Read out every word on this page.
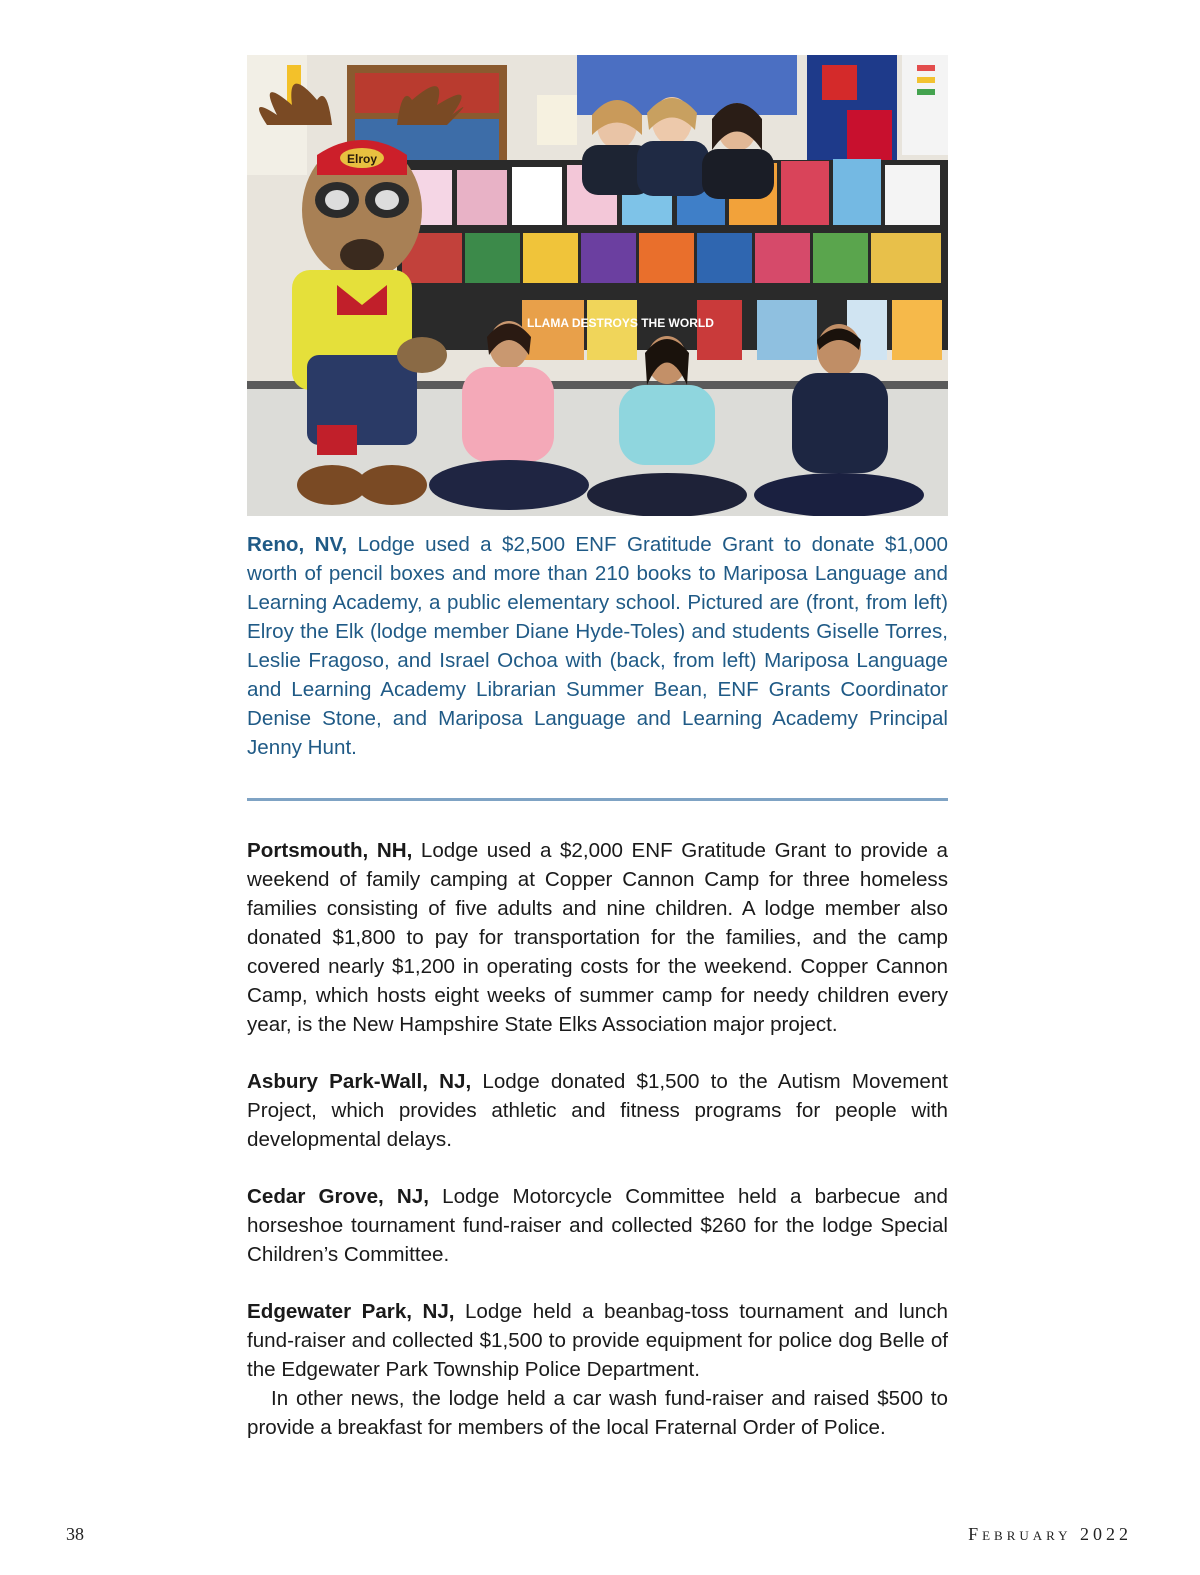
LLAMA DESTROYS THE WORLD
Elroy

Reno, NV, Lodge used a $2,500 ENF Gratitude Grant to donate $1,000 worth of pencil boxes and more than 210 books to Mariposa Language and Learning Academy, a public elementary school. Pictured are (front, from left) Elroy the Elk (lodge member Diane Hyde-Toles) and students Giselle Torres, Leslie Fragoso, and Israel Ochoa with (back, from left) Mariposa Language and Learning Academy Librarian Summer Bean, ENF Grants Coordinator Denise Stone, and Mariposa Language and Learning Academy Principal Jenny Hunt.

Portsmouth, NH, Lodge used a $2,000 ENF Gratitude Grant to provide a weekend of family camping at Copper Cannon Camp for three homeless families consisting of five adults and nine children. A lodge member also donated $1,800 to pay for transportation for the families, and the camp covered nearly $1,200 in operating costs for the weekend. Copper Cannon Camp, which hosts eight weeks of summer camp for needy children every year, is the New Hampshire State Elks Association major project.

Asbury Park-Wall, NJ, Lodge donated $1,500 to the Autism Movement Project, which provides athletic and fitness programs for people with developmental delays.

Cedar Grove, NJ, Lodge Motorcycle Committee held a barbecue and horseshoe tournament fund-raiser and collected $260 for the lodge Special Children’s Committee.

Edgewater Park, NJ, Lodge held a beanbag-toss tournament and lunch fund-raiser and collected $1,500 to provide equipment for police dog Belle of the Edgewater Park Township Police Department.
In other news, the lodge held a car wash fund-raiser and raised $500 to provide a breakfast for members of the local Fraternal Order of Police.

38	February 2022
